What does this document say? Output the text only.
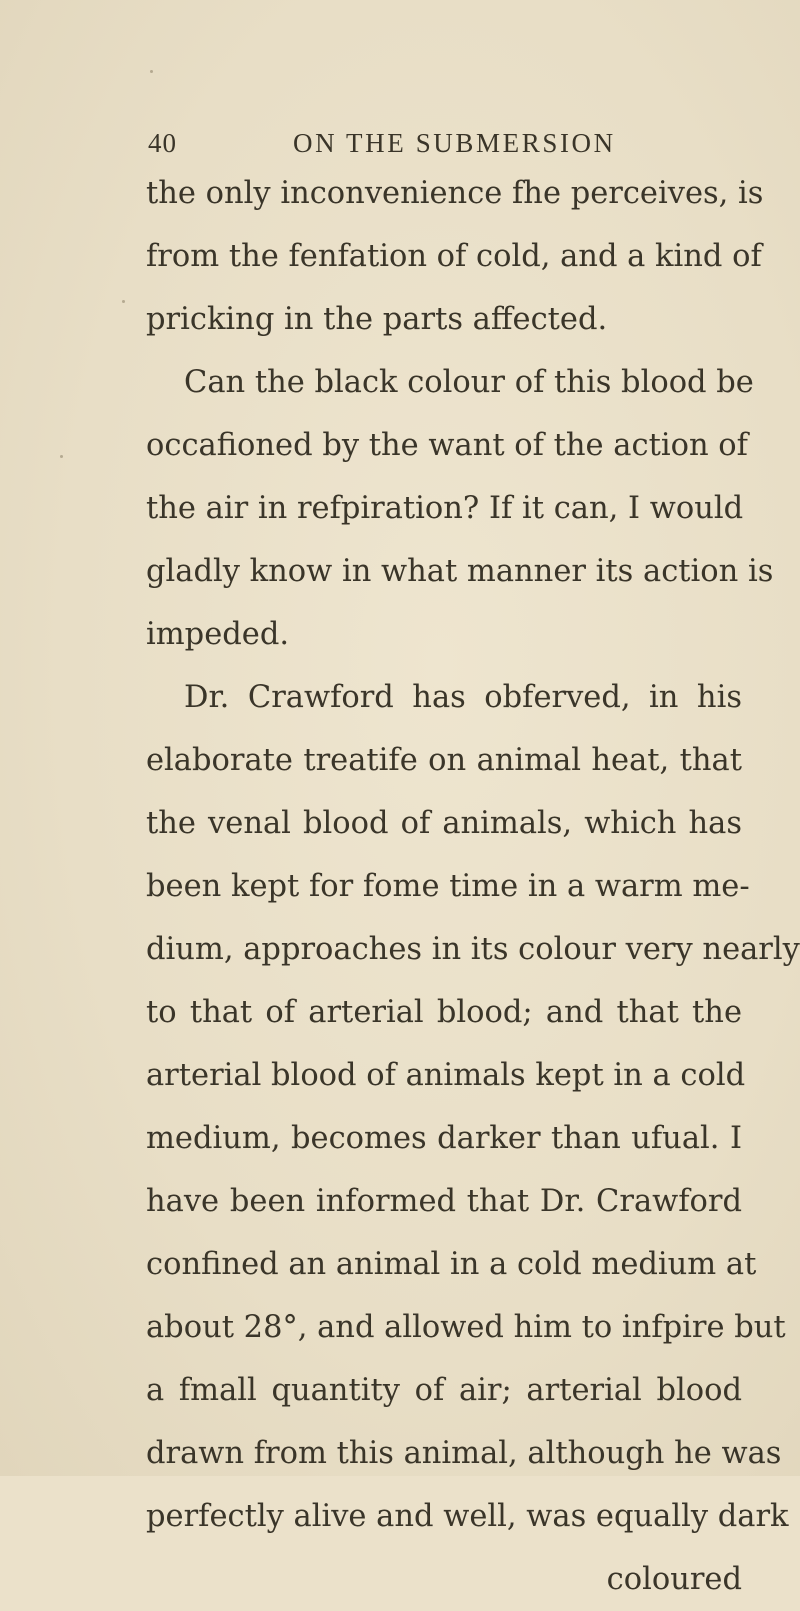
40	ON THE SUBMERSION
the only inconvenience fhe perceives, is
from the fenfation of cold, and a kind of
pricking in the parts affected.
Can the black colour of this blood be
occafioned by the want of the action of
the air in refpiration? If it can, I would
gladly know in what manner its action is
impeded.
Dr. Crawford has obferved, in his
elaborate treatife on animal heat, that
the venal blood of animals, which has
been kept for fome time in a warm me-
dium, approaches in its colour very nearly
to that of arterial blood; and that the
arterial blood of animals kept in a cold
medium, becomes darker than ufual. I
have been informed that Dr. Crawford
confined an animal in a cold medium at
about 28°, and allowed him to infpire but
a fmall quantity of air; arterial blood
drawn from this animal, although he was
perfectly alive and well, was equally dark
coloured
